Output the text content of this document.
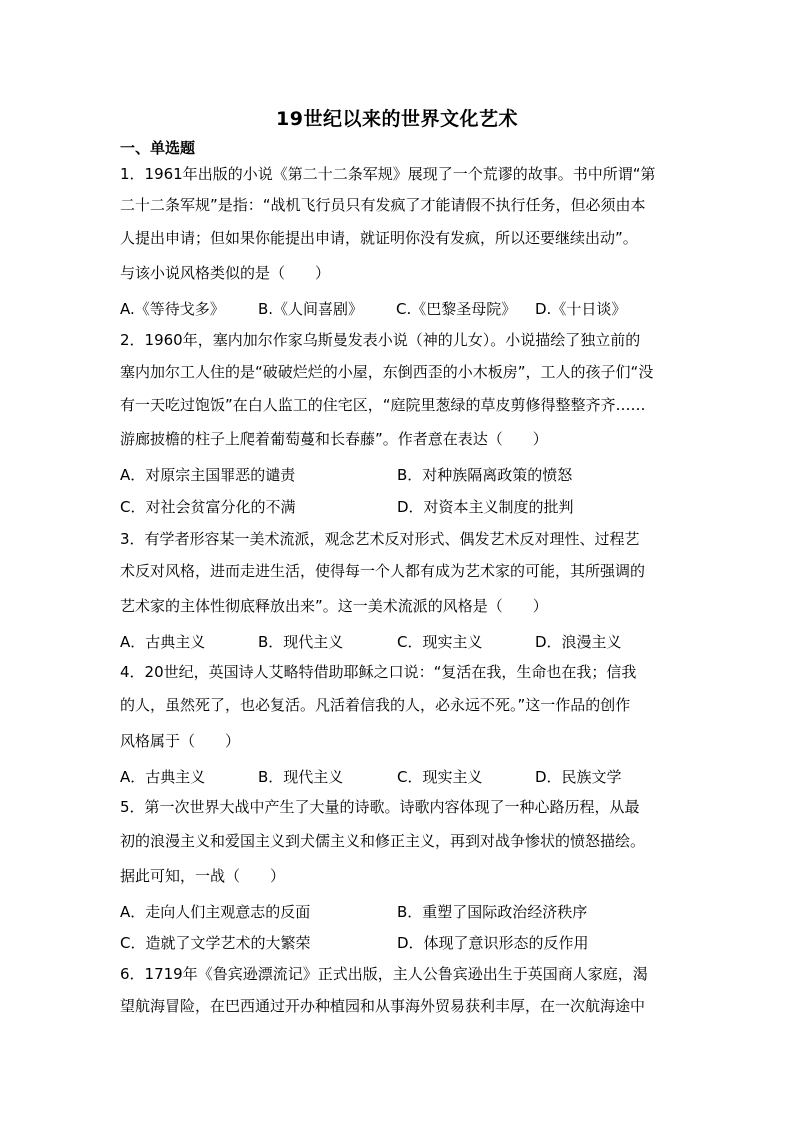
19世纪以来的世界文化艺术
一、单选题
1．1961年出版的小说《第二十二条军规》展现了一个荒谬的故事。书中所谓“第
二十二条军规”是指：“战机飞行员只有发疯了才能请假不执行任务，但必须由本
人提出申请；但如果你能提出申请，就证明你没有发疯，所以还要继续出动”。
与该小说风格类似的是（　　）
A.《等待戈多》 B.《人间喜剧》 C.《巴黎圣母院》 D.《十日谈》
2．1960年，塞内加尔作家乌斯曼发表小说（神的儿女）。小说描绘了独立前的
塞内加尔工人住的是“破破烂烂的小屋，东倒西歪的小木板房”，工人的孩子们“没
有一天吃过饱饭”在白人监工的住宅区，“庭院里葱绿的草皮剪修得整整齐齐……
游廊披檐的柱子上爬着葡萄蔓和长春藤”。作者意在表达（　　）
A．对原宗主国罪恶的谴责	B．对种族隔离政策的愤怒
C．对社会贫富分化的不满	D．对资本主义制度的批判
3．有学者形容某一美术流派，观念艺术反对形式、偶发艺术反对理性、过程艺
术反对风格，进而走进生活，使得每一个人都有成为艺术家的可能，其所强调的
艺术家的主体性彻底释放出来”。这一美术流派的风格是（　　）
A．古典主义	B．现代主义	C．现实主义	D．浪漫主义
4．20世纪，英国诗人艾略特借助耶稣之口说：“复活在我，生命也在我；信我
的人，虽然死了，也必复活。凡活着信我的人，必永远不死。”这一作品的创作
风格属于（　　）
A．古典主义	B．现代主义	C．现实主义	D．民族文学
5．第一次世界大战中产生了大量的诗歌。诗歌内容体现了一种心路历程，从最
初的浪漫主义和爱国主义到犬儒主义和修正主义，再到对战争惨状的愤怒描绘。
据此可知，一战（　　）
A．走向人们主观意志的反面	B．重塑了国际政治经济秩序
C．造就了文学艺术的大繁荣	D．体现了意识形态的反作用
6．1719年《鲁宾逊漂流记》正式出版，主人公鲁宾逊出生于英国商人家庭，渴
望航海冒险，在巴西通过开办种植园和从事海外贸易获利丰厚，在一次航海途中
